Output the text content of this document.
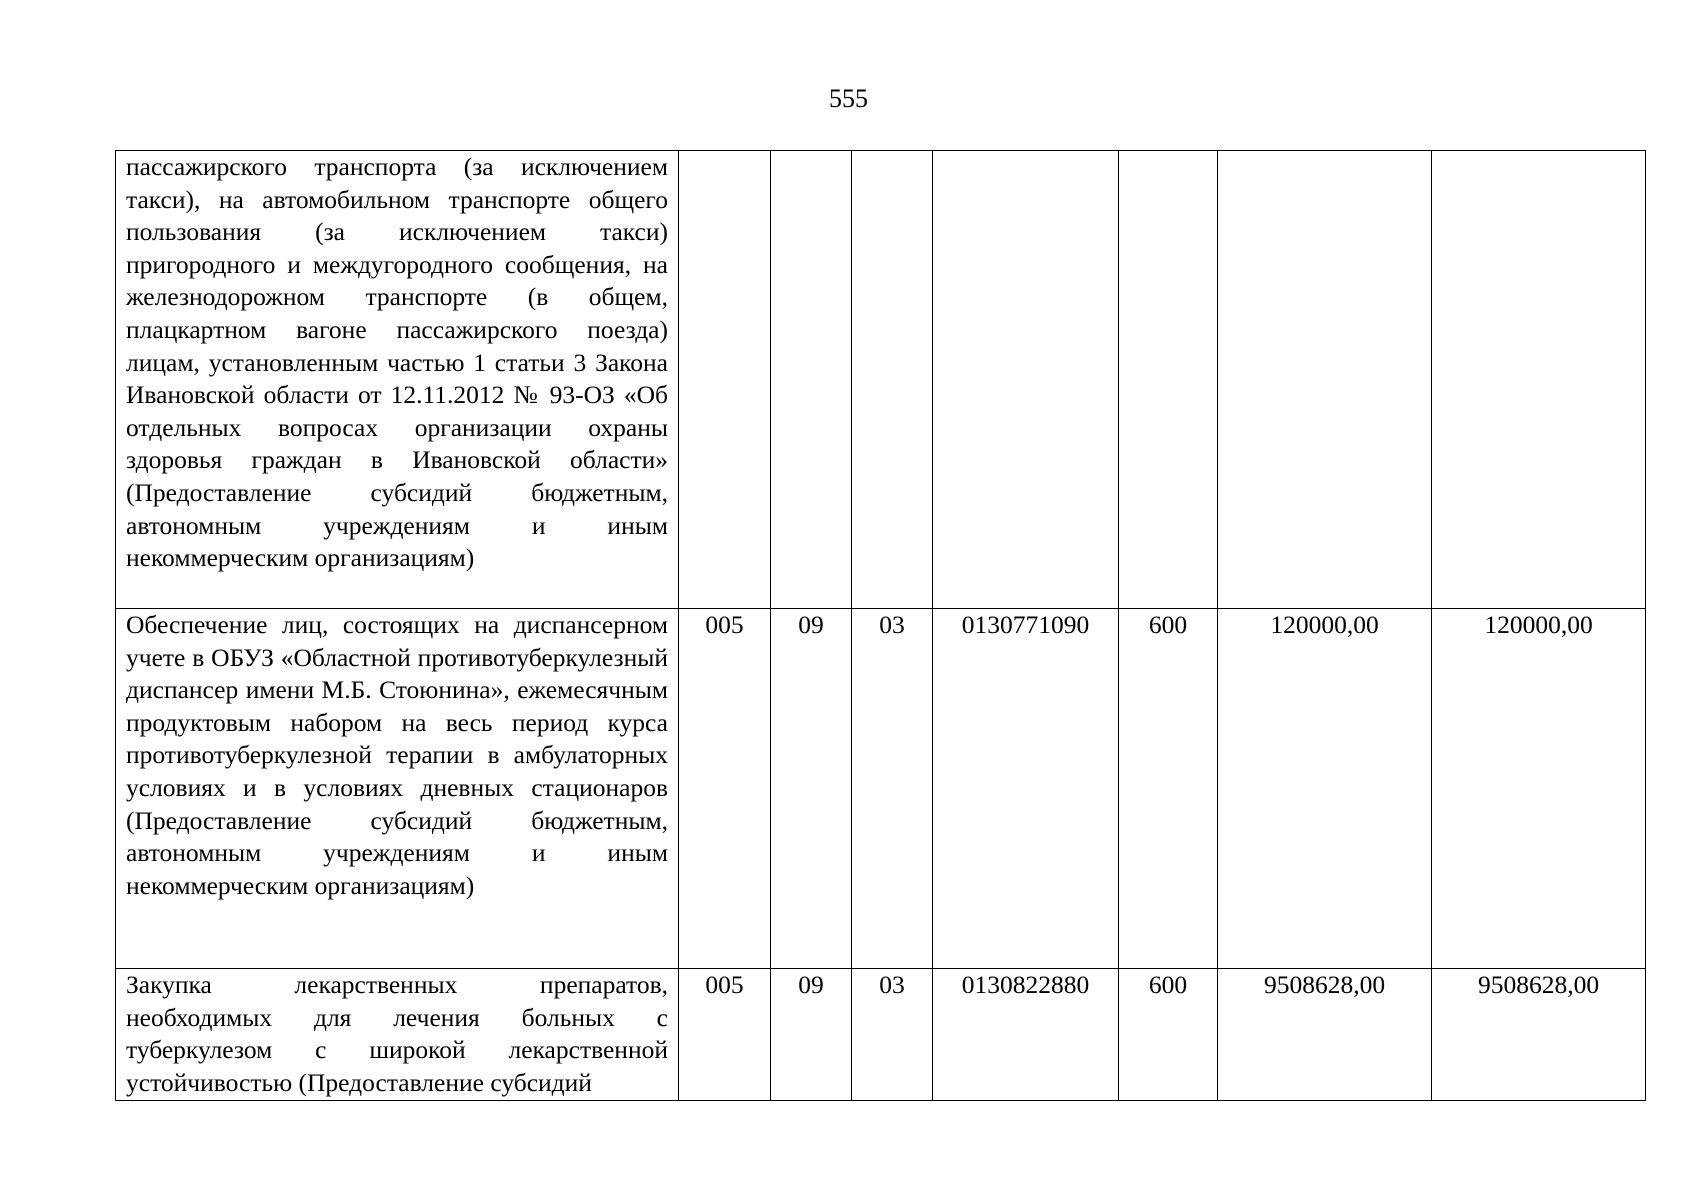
555
пассажирского транспорта (за исключением такси), на автомобильном транспорте общего пользования (за исключением такси) пригородного и междугородного сообщения, на железнодорожном транспорте (в общем, плацкартном вагоне пассажирского поезда) лицам, установленным частью 1 статьи 3 Закона Ивановской области от 12.11.2012 № 93-ОЗ «Об отдельных вопросах организации охраны здоровья граждан в Ивановской области» (Предоставление субсидий бюджетным, автономным учреждениям и иным некоммерческим организациям)							
Обеспечение лиц, состоящих на диспансерном учете в ОБУЗ «Областной противотуберкулезный диспансер имени М.Б. Стоюнина», ежемесячным продуктовым набором на весь период курса противотуберкулезной терапии в амбулаторных условиях и в условиях дневных стационаров (Предоставление субсидий бюджетным, автономным учреждениям и иным некоммерческим организациям)	005	09	03	0130771090	600	120000,00	120000,00
Закупка лекарственных препаратов, необходимых для лечения больных с туберкулезом с широкой лекарственной устойчивостью (Предоставление субсидий	005	09	03	0130822880	600	9508628,00	9508628,00
